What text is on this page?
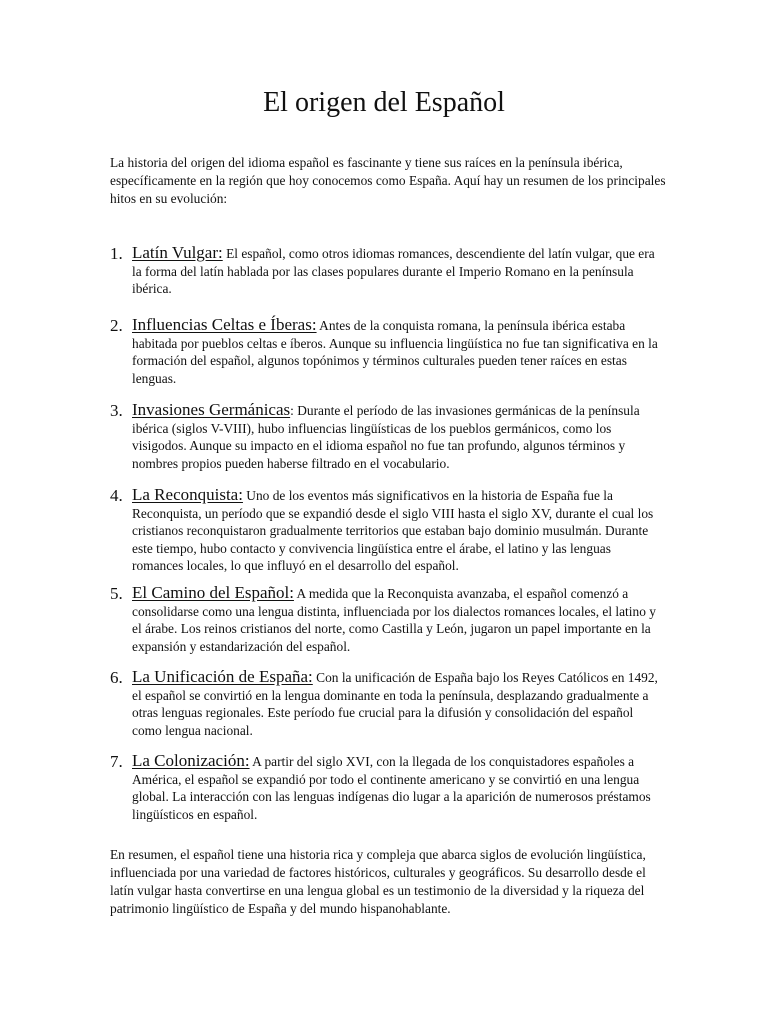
El origen del Español

La historia del origen del idioma español es fascinante y tiene sus raíces en la península ibérica, específicamente en la región que hoy conocemos como España. Aquí hay un resumen de los principales hitos en su evolución:

1. Latín Vulgar: El español, como otros idiomas romances, descendiente del latín vulgar, que era la forma del latín hablada por las clases populares durante el Imperio Romano en la península ibérica.

2. Influencias Celtas e Íberas: Antes de la conquista romana, la península ibérica estaba habitada por pueblos celtas e íberos. Aunque su influencia lingüística no fue tan significativa en la formación del español, algunos topónimos y términos culturales pueden tener raíces en estas lenguas.

3. Invasiones Germánicas: Durante el período de las invasiones germánicas de la península ibérica (siglos V-VIII), hubo influencias lingüísticas de los pueblos germánicos, como los visigodos. Aunque su impacto en el idioma español no fue tan profundo, algunos términos y nombres propios pueden haberse filtrado en el vocabulario.

4. La Reconquista: Uno de los eventos más significativos en la historia de España fue la Reconquista, un período que se expandió desde el siglo VIII hasta el siglo XV, durante el cual los cristianos reconquistaron gradualmente territorios que estaban bajo dominio musulmán. Durante este tiempo, hubo contacto y convivencia lingüística entre el árabe, el latino y las lenguas romances locales, lo que influyó en el desarrollo del español.

5. El Camino del Español: A medida que la Reconquista avanzaba, el español comenzó a consolidarse como una lengua distinta, influenciada por los dialectos romances locales, el latino y el árabe. Los reinos cristianos del norte, como Castilla y León, jugaron un papel importante en la expansión y estandarización del español.

6. La Unificación de España: Con la unificación de España bajo los Reyes Católicos en 1492, el español se convirtió en la lengua dominante en toda la península, desplazando gradualmente a otras lenguas regionales. Este período fue crucial para la difusión y consolidación del español como lengua nacional.

7. La Colonización: A partir del siglo XVI, con la llegada de los conquistadores españoles a América, el español se expandió por todo el continente americano y se convirtió en una lengua global. La interacción con las lenguas indígenas dio lugar a la aparición de numerosos préstamos lingüísticos en español.

En resumen, el español tiene una historia rica y compleja que abarca siglos de evolución lingüística, influenciada por una variedad de factores históricos, culturales y geográficos. Su desarrollo desde el latín vulgar hasta convertirse en una lengua global es un testimonio de la diversidad y la riqueza del patrimonio lingüístico de España y del mundo hispanohablante.
